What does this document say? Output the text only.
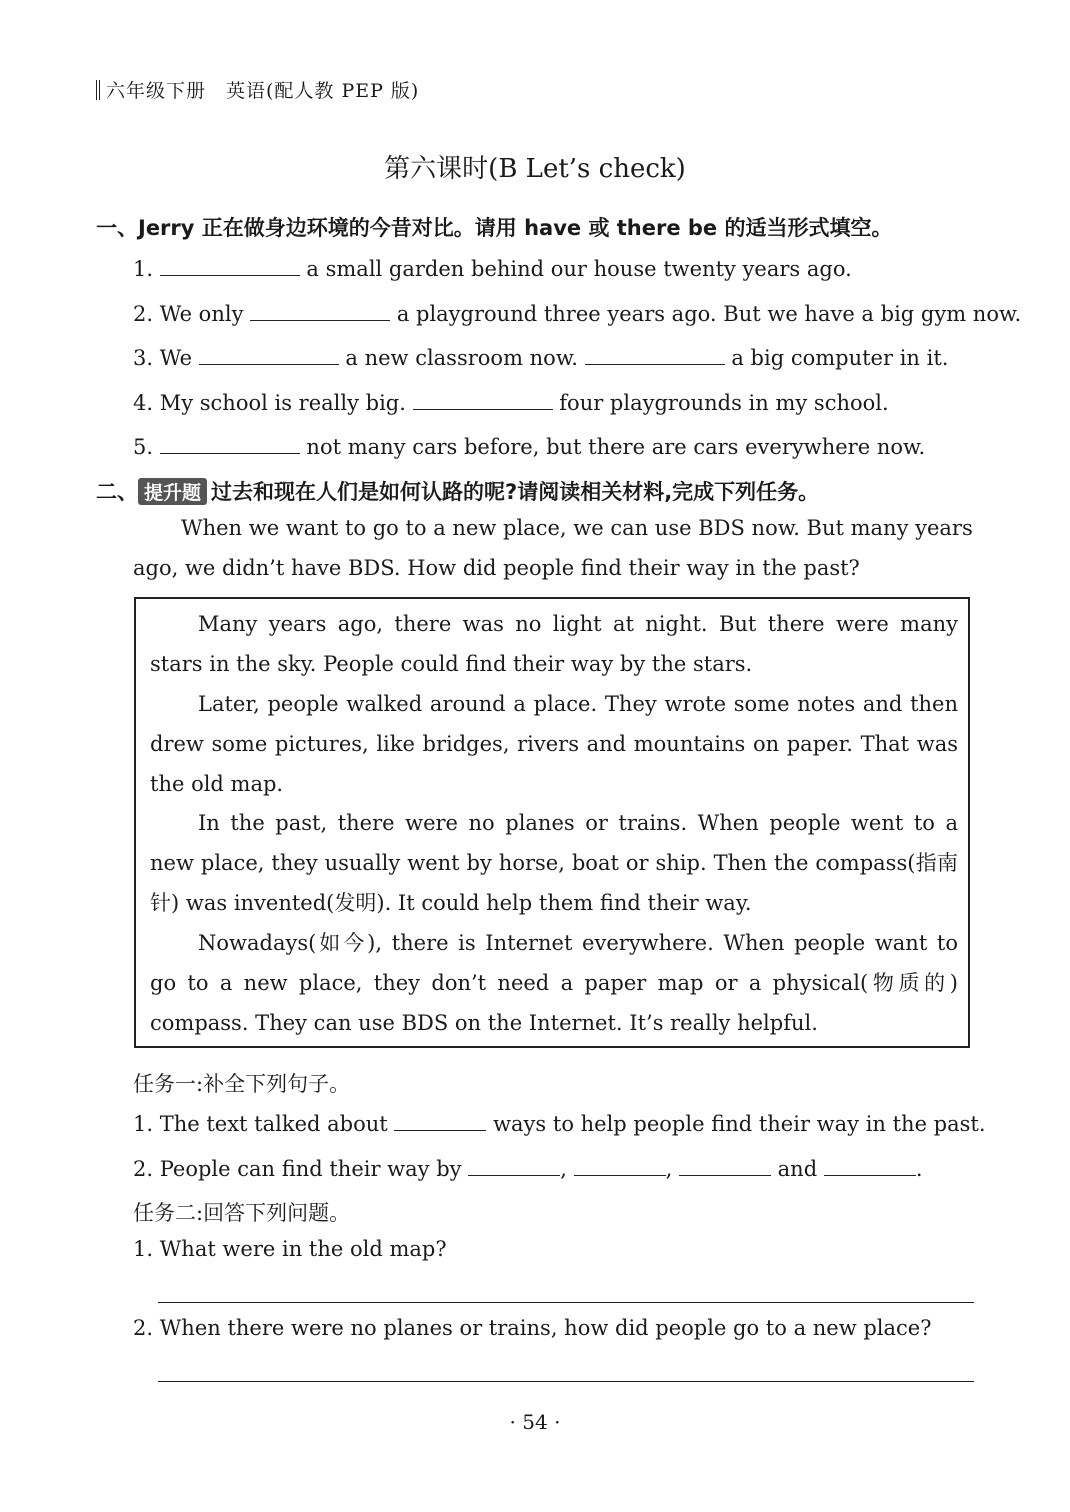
六年级下册　英语(配人教 PEP 版)
第六课时(B Let’s check)
一、Jerry 正在做身边环境的今昔对比。请用 have 或 there be 的适当形式填空。
1.	a small garden behind our house twenty years ago.
2. We only	a playground three years ago. But we have a big gym now.
3. We	a new classroom now.	a big computer in it.
4. My school is really big.	four playgrounds in my school.
5.	not many cars before, but there are cars everywhere now.
二、 提升题 过去和现在人们是如何认路的呢?请阅读相关材料,完成下列任务。
When we want to go to a new place, we can use BDS now. But many years
ago, we didn’t have BDS. How did people find their way in the past?

Many years ago, there was no light at night. But there were many stars in the sky. People could find their way by the stars.

Later, people walked around a place. They wrote some notes and then drew some pictures, like bridges, rivers and mountains on paper. That was the old map.

In the past, there were no planes or trains. When people went to a new place, they usually went by horse, boat or ship. Then the compass(指南针) was invented(发明). It could help them find their way.

Nowadays(如今), there is Internet everywhere. When people want to go to a new place, they don’t need a paper map or a physical(物质的) compass. They can use BDS on the Internet. It’s really helpful.

任务一:补全下列句子。
1. The text talked about	ways to help people find their way in the past.
2. People can find their way by	,	,	and	.
任务二:回答下列问题。
1. What were in the old map?
2. When there were no planes or trains, how did people go to a new place?
· 54 ·
